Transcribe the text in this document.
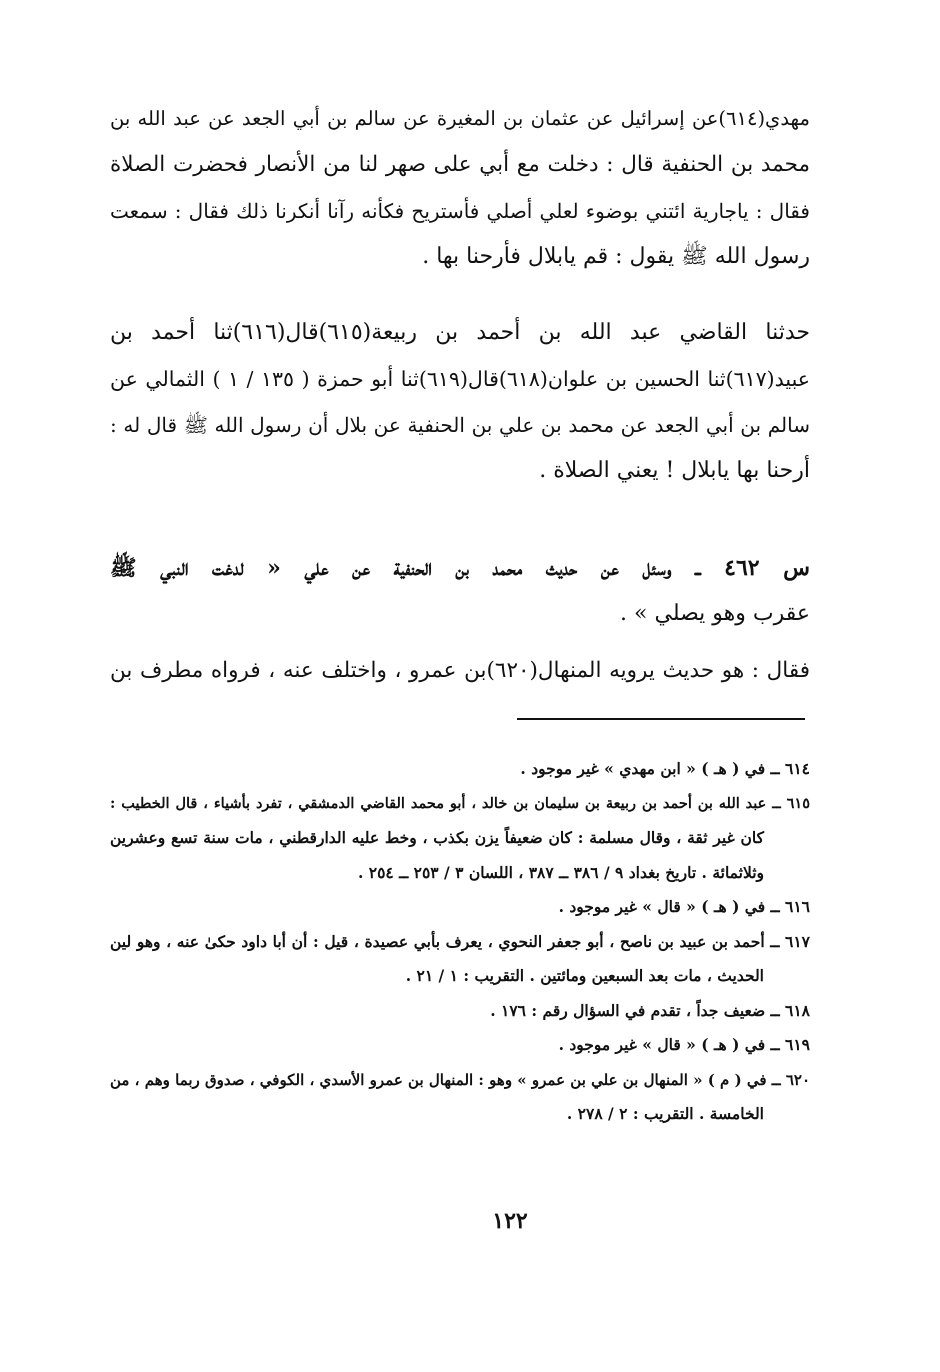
مهدي(٦١٤)عن إسرائيل عن عثمان بن المغيرة عن سالم بن أبي الجعد عن عبد الله بن
محمد بن الحنفية قال : دخلت مع أبي على صهر لنا من الأنصار فحضرت الصلاة
فقال : ياجارية ائتني بوضوء لعلي أصلي فأستريح فكأنه رآنا أنكرنا ذلك فقال : سمعت
رسول الله ﷺ يقول : قم يابلال فأرحنا بها .
حدثنا القاضي عبد الله بن أحمد بن ربيعة(٦١٥)قال(٦١٦)ثنا أحمد بن
عبيد(٦١٧)ثنا الحسين بن علوان(٦١٨)قال(٦١٩)ثنا أبو حمزة ( ١٣٥ / ١ ) الثمالي عن
سالم بن أبي الجعد عن محمد بن علي بن الحنفية عن بلال أن رسول الله ﷺ قال له :
أرحنا بها يابلال ! يعني الصلاة .
س ٤٦٢ ــ وسئل عن حديث محمد بن الحنفية عن علي « لدغت النبي ﷺ
عقرب وهو يصلي » .
فقال : هو حديث يرويه المنهال(٦٢٠)بن عمرو ، واختلف عنه ، فرواه مطرف بن
٦١٤ ــ في ( هـ ) « ابن مهدي » غير موجود .
٦١٥ ــ عبد الله بن أحمد بن ربيعة بن سليمان بن خالد ، أبو محمد القاضي الدمشقي ، تفرد بأشياء ، قال الخطيب :
كان غير ثقة ، وقال مسلمة : كان ضعيفاً يزن بكذب ، وخط عليه الدارقطني ، مات سنة تسع وعشرين
وثلاثمائة . تاريخ بغداد ٩ / ٣٨٦ ــ ٣٨٧ ، اللسان ٣ / ٢٥٣ ــ ٢٥٤ .
٦١٦ ــ في ( هـ ) « قال » غير موجود .
٦١٧ ــ أحمد بن عبيد بن ناصح ، أبو جعفر النحوي ، يعرف بأبي عصيدة ، قيل : أن أبا داود حكىٰ عنه ، وهو لين
الحديث ، مات بعد السبعين ومائتين . التقريب : ١ / ٢١ .
٦١٨ ــ ضعيف جداً ، تقدم في السؤال رقم : ١٧٦ .
٦١٩ ــ في ( هـ ) « قال » غير موجود .
٦٢٠ ــ في ( م ) « المنهال بن علي بن عمرو » وهو : المنهال بن عمرو الأسدي ، الكوفي ، صدوق ربما وهم ، من
الخامسة . التقريب : ٢ / ٢٧٨ .
١٢٢
